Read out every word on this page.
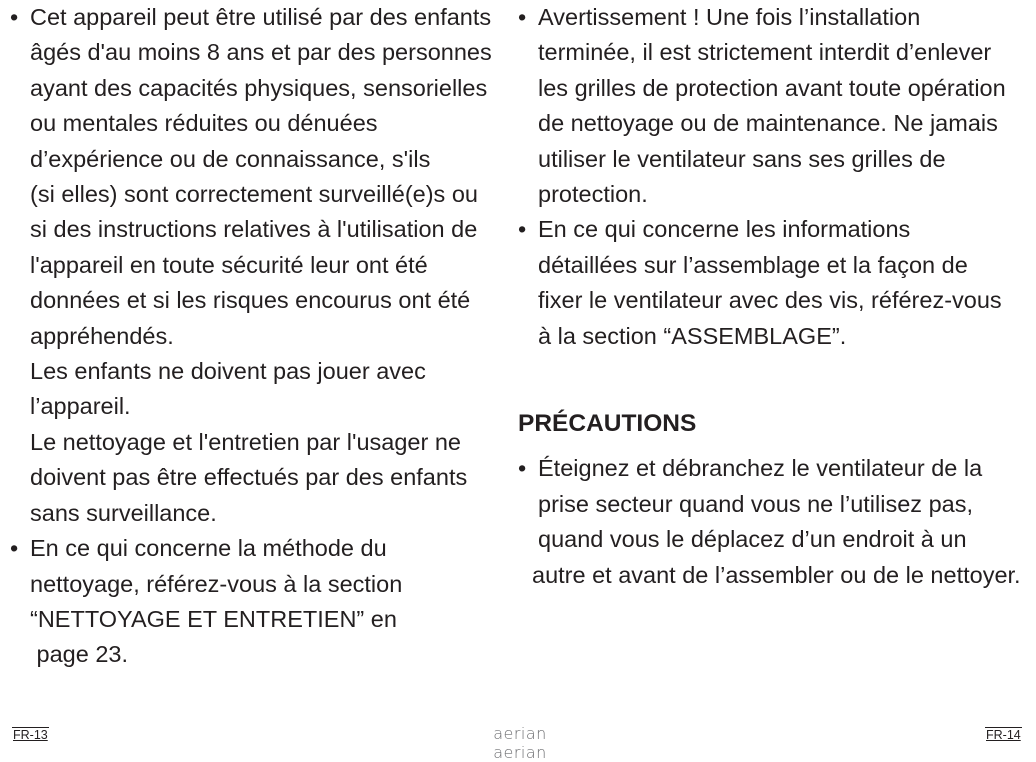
• Cet appareil peut être utilisé par des enfants
âgés d'au moins 8 ans et par des personnes
ayant des capacités physiques, sensorielles
ou mentales réduites ou dénuées
d’expérience ou de connaissance, s'ils
(si elles) sont correctement surveillé(e)s ou
si des instructions relatives à l'utilisation de
l'appareil en toute sécurité leur ont été
données et si les risques encourus ont été
appréhendés.
Les enfants ne doivent pas jouer avec
l’appareil.
Le nettoyage et l'entretien par l'usager ne
doivent pas être effectués par des enfants
sans surveillance.
• En ce qui concerne la méthode du
nettoyage, référez-vous à la section
“NETTOYAGE ET ENTRETIEN” en
page 23.
• Avertissement ! Une fois l’installation
terminée, il est strictement interdit d’enlever
les grilles de protection avant toute opération
de nettoyage ou de maintenance. Ne jamais
utiliser le ventilateur sans ses grilles de
protection.
• En ce qui concerne les informations
détaillées sur l’assemblage et la façon de
fixer le ventilateur avec des vis, référez-vous
à la section “ASSEMBLAGE”.
PRÉCAUTIONS
• Éteignez et débranchez le ventilateur de la
prise secteur quand vous ne l’utilisez pas,
quand vous le déplacez d’un endroit à un
autre et avant de l’assembler ou de le nettoyer.
FR-13	aerian aerian
FR-14
